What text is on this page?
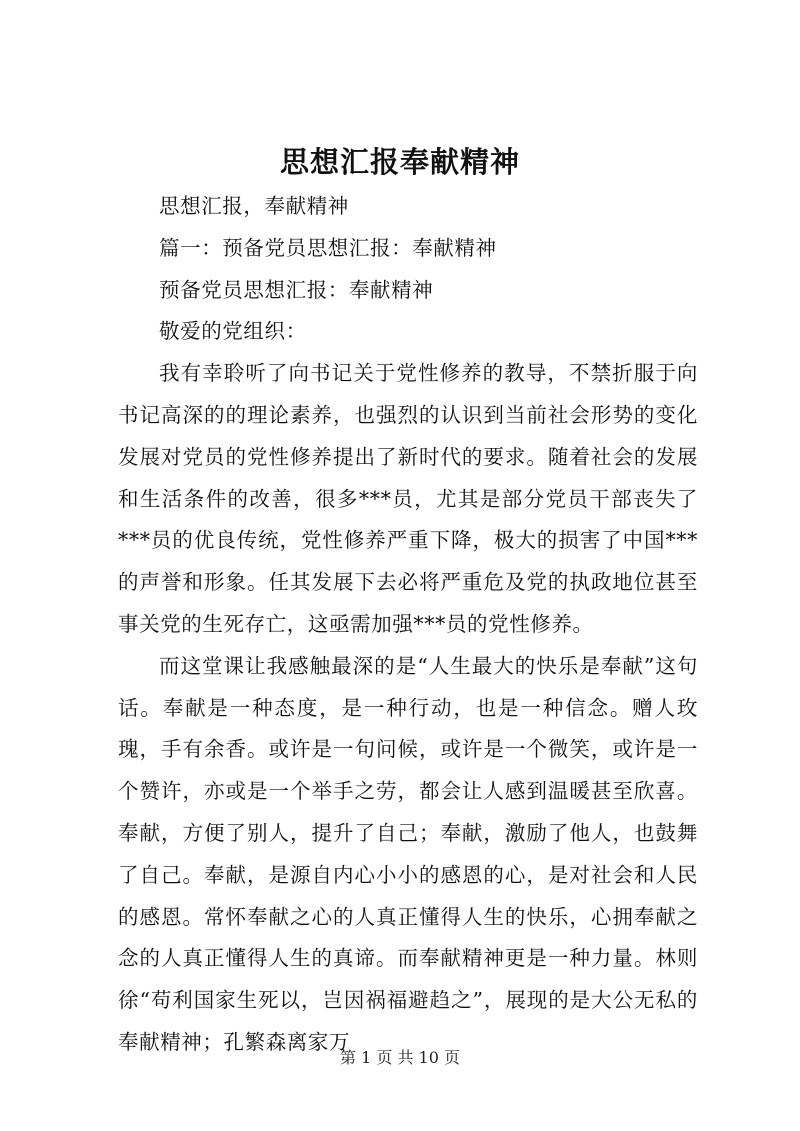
思想汇报奉献精神

思想汇报，奉献精神

篇一：预备党员思想汇报：奉献精神

预备党员思想汇报：奉献精神

敬爱的党组织：

我有幸聆听了向书记关于党性修养的教导，不禁折服于向书记高深的的理论素养，也强烈的认识到当前社会形势的变化发展对党员的党性修养提出了新时代的要求。随着社会的发展和生活条件的改善，很多***员，尤其是部分党员干部丧失了***员的优良传统，党性修养严重下降，极大的损害了中国***的声誉和形象。任其发展下去必将严重危及党的执政地位甚至事关党的生死存亡，这亟需加强***员的党性修养。

而这堂课让我感触最深的是“人生最大的快乐是奉献”这句话。奉献是一种态度，是一种行动，也是一种信念。赠人玫瑰，手有余香。或许是一句问候，或许是一个微笑，或许是一个赞许，亦或是一个举手之劳，都会让人感到温暖甚至欣喜。奉献，方便了别人，提升了自己；奉献，激励了他人，也鼓舞了自己。奉献，是源自内心小小的感恩的心，是对社会和人民的感恩。常怀奉献之心的人真正懂得人生的快乐，心拥奉献之念的人真正懂得人生的真谛。而奉献精神更是一种力量。林则徐“苟利国家生死以，岂因祸福避趋之”，展现的是大公无私的奉献精神；孔繁森离家万

第 1 页 共 10 页
